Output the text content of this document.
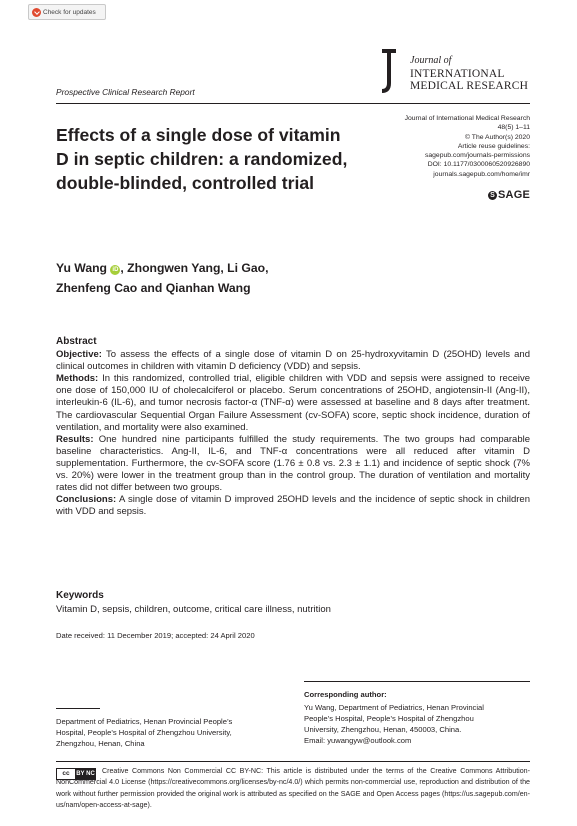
Check for updates
Journal of
INTERNATIONAL
MEDICAL RESEARCH
Prospective Clinical Research Report
Effects of a single dose of vitamin D in septic children: a randomized, double-blinded, controlled trial
Journal of International Medical Research
48(5) 1–11
© The Author(s) 2020
Article reuse guidelines:
sagepub.com/journals-permissions
DOI: 10.1177/0300060520926890
journals.sagepub.com/home/imr
S SAGE
Yu Wang iD , Zhongwen Yang, Li Gao,
Zhenfeng Cao and Qianhan Wang
Abstract

Objective: To assess the effects of a single dose of vitamin D on 25-hydroxyvitamin D (25OHD) levels and clinical outcomes in children with vitamin D deficiency (VDD) and sepsis.

Methods: In this randomized, controlled trial, eligible children with VDD and sepsis were assigned to receive one dose of 150,000 IU of cholecalciferol or placebo. Serum concentrations of 25OHD, angiotensin-II (Ang-II), interleukin-6 (IL-6), and tumor necrosis factor-α (TNF-α) were assessed at baseline and 8 days after treatment. The cardiovascular Sequential Organ Failure Assessment (cv-SOFA) score, septic shock incidence, duration of ventilation, and mortality were also examined.

Results: One hundred nine participants fulfilled the study requirements. The two groups had comparable baseline characteristics. Ang-II, IL-6, and TNF-α concentrations were all reduced after vitamin D supplementation. Furthermore, the cv-SOFA score (1.76 ± 0.8 vs. 2.3 ± 1.1) and incidence of septic shock (7% vs. 20%) were lower in the treatment group than in the control group. The duration of ventilation and mortality rates did not differ between two groups.

Conclusions: A single dose of vitamin D improved 25OHD levels and the incidence of septic shock in children with VDD and sepsis.

Keywords
Vitamin D, sepsis, children, outcome, critical care illness, nutrition
Date received: 11 December 2019; accepted: 24 April 2020
Corresponding author:
Yu Wang, Department of Pediatrics, Henan Provincial
People’s Hospital, People’s Hospital of Zhengzhou
University, Zhengzhou, Henan, 450003, China.
Email: yuwangyw@outlook.com
Department of Pediatrics, Henan Provincial People’s
Hospital, People’s Hospital of Zhengzhou University,
Zhengzhou, Henan, China
cc	BY NC	Creative Commons Non Commercial CC BY-NC: This article is distributed under the terms of the Creative Commons Attribution-NonCommercial 4.0 License (https://creativecommons.org/licenses/by-nc/4.0/) which permits non-commercial use, reproduction and distribution of the work without further permission provided the original work is attributed as specified on the SAGE and Open Access pages (https://us.sagepub.com/en-us/nam/open-access-at-sage).
